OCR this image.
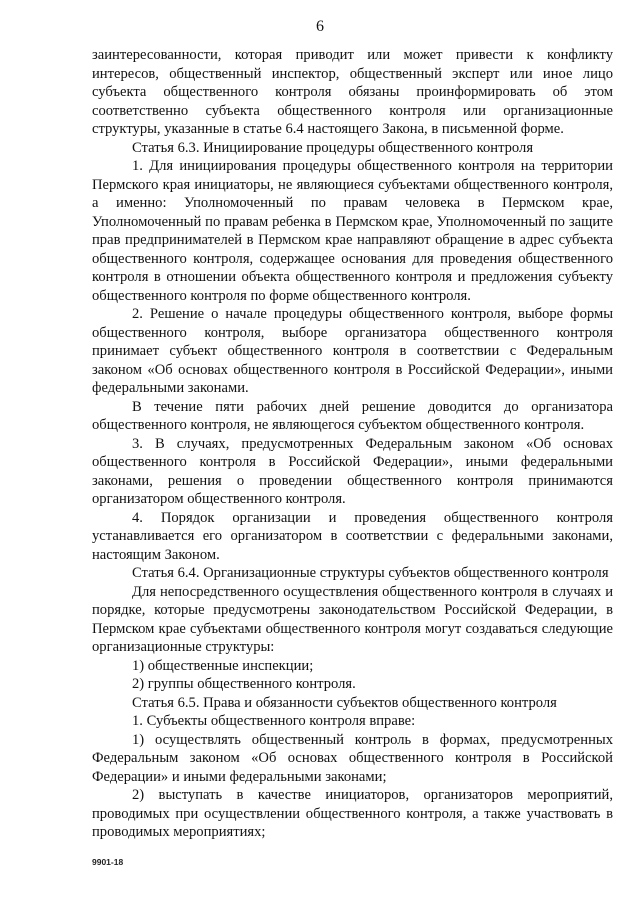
6

заинтересованности, которая приводит или может привести к конфликту интересов, общественный инспектор, общественный эксперт или иное лицо субъекта общественного контроля обязаны проинформировать об этом соответственно субъекта общественного контроля или организационные структуры, указанные в статье 6.4 настоящего Закона, в письменной форме.

Статья 6.3. Инициирование процедуры общественного контроля

1. Для инициирования процедуры общественного контроля на территории Пермского края инициаторы, не являющиеся субъектами общественного контроля, а именно: Уполномоченный по правам человека в Пермском крае, Уполномоченный по правам ребенка в Пермском крае, Уполномоченный по защите прав предпринимателей в Пермском крае направляют обращение в адрес субъекта общественного контроля, содержащее основания для проведения общественного контроля в отношении объекта общественного контроля и предложения субъекту общественного контроля по форме общественного контроля.

2. Решение о начале процедуры общественного контроля, выборе формы общественного контроля, выборе организатора общественного контроля принимает субъект общественного контроля в соответствии с Федеральным законом «Об основах общественного контроля в Российской Федерации», иными федеральными законами.

В течение пяти рабочих дней решение доводится до организатора общественного контроля, не являющегося субъектом общественного контроля.

3. В случаях, предусмотренных Федеральным законом «Об основах общественного контроля в Российской Федерации», иными федеральными законами, решения о проведении общественного контроля принимаются организатором общественного контроля.

4. Порядок организации и проведения общественного контроля устанавливается его организатором в соответствии с федеральными законами, настоящим Законом.

Статья 6.4. Организационные структуры субъектов общественного контроля

Для непосредственного осуществления общественного контроля в случаях и порядке, которые предусмотрены законодательством Российской Федерации, в Пермском крае субъектами общественного контроля могут создаваться следующие организационные структуры:

1) общественные инспекции;

2) группы общественного контроля.

Статья 6.5. Права и обязанности субъектов общественного контроля

1. Субъекты общественного контроля вправе:

1) осуществлять общественный контроль в формах, предусмотренных Федеральным законом «Об основах общественного контроля в Российской Федерации» и иными федеральными законами;

2) выступать в качестве инициаторов, организаторов мероприятий, проводимых при осуществлении общественного контроля, а также участвовать в проводимых мероприятиях;

9901-18
